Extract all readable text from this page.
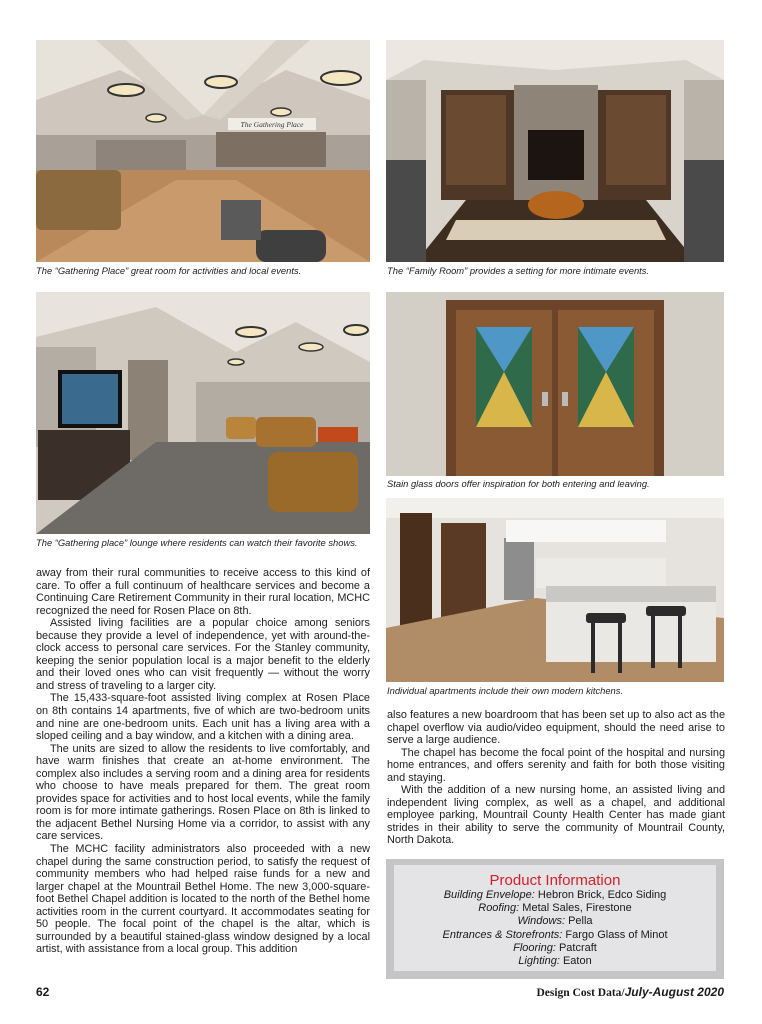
The Gathering Place
The “Gathering Place” great room for activities and local events.	The “Family Room” provides a setting for more intimate events.
The “Gathering place” lounge where residents can watch their favorite shows.
Stain glass doors offer inspiration for both entering and leaving.
Individual apartments include their own modern kitchens.

away from their rural communities to receive access to this kind of care. To offer a full continuum of healthcare services and become a Continuing Care Retirement Community in their rural location, MCHC recognized the need for Rosen Place on 8th.

Assisted living facilities are a popular choice among seniors because they provide a level of independence, yet with around-the-clock access to personal care services. For the Stanley community, keeping the senior population local is a major benefit to the elderly and their loved ones who can visit frequently — without the worry and stress of traveling to a larger city.

The 15,433-square-foot assisted living complex at Rosen Place on 8th contains 14 apartments, five of which are two-bedroom units and nine are one-bedroom units. Each unit has a living area with a sloped ceiling and a bay window, and a kitchen with a dining area.

The units are sized to allow the residents to live comfortably, and have warm finishes that create an at-home environment. The complex also includes a serving room and a dining area for residents who choose to have meals prepared for them. The great room provides space for activities and to host local events, while the family room is for more intimate gatherings. Rosen Place on 8th is linked to the adjacent Bethel Nursing Home via a corridor, to assist with any care services.

The MCHC facility administrators also proceeded with a new chapel during the same construction period, to satisfy the request of community members who had helped raise funds for a new and larger chapel at the Mountrail Bethel Home. The new 3,000-square-foot Bethel Chapel addition is located to the north of the Bethel home activities room in the current courtyard. It accommodates seating for 50 people. The focal point of the chapel is the altar, which is surrounded by a beautiful stained-glass window designed by a local artist, with assistance from a local group. This addition

also features a new boardroom that has been set up to also act as the chapel overflow via audio/video equipment, should the need arise to serve a large audience.

The chapel has become the focal point of the hospital and nursing home entrances, and offers serenity and faith for both those visiting and staying.

With the addition of a new nursing home, an assisted living and independent living complex, as well as a chapel, and additional employee parking, Mountrail County Health Center has made giant strides in their ability to serve the community of Mountrail County, North Dakota.

Product Information
Building Envelope: Hebron Brick, Edco Siding
Roofing: Metal Sales, Firestone
Windows: Pella
Entrances & Storefronts: Fargo Glass of Minot
Flooring: Patcraft
Lighting: Eaton
62	Design Cost Data/July-August 2020
